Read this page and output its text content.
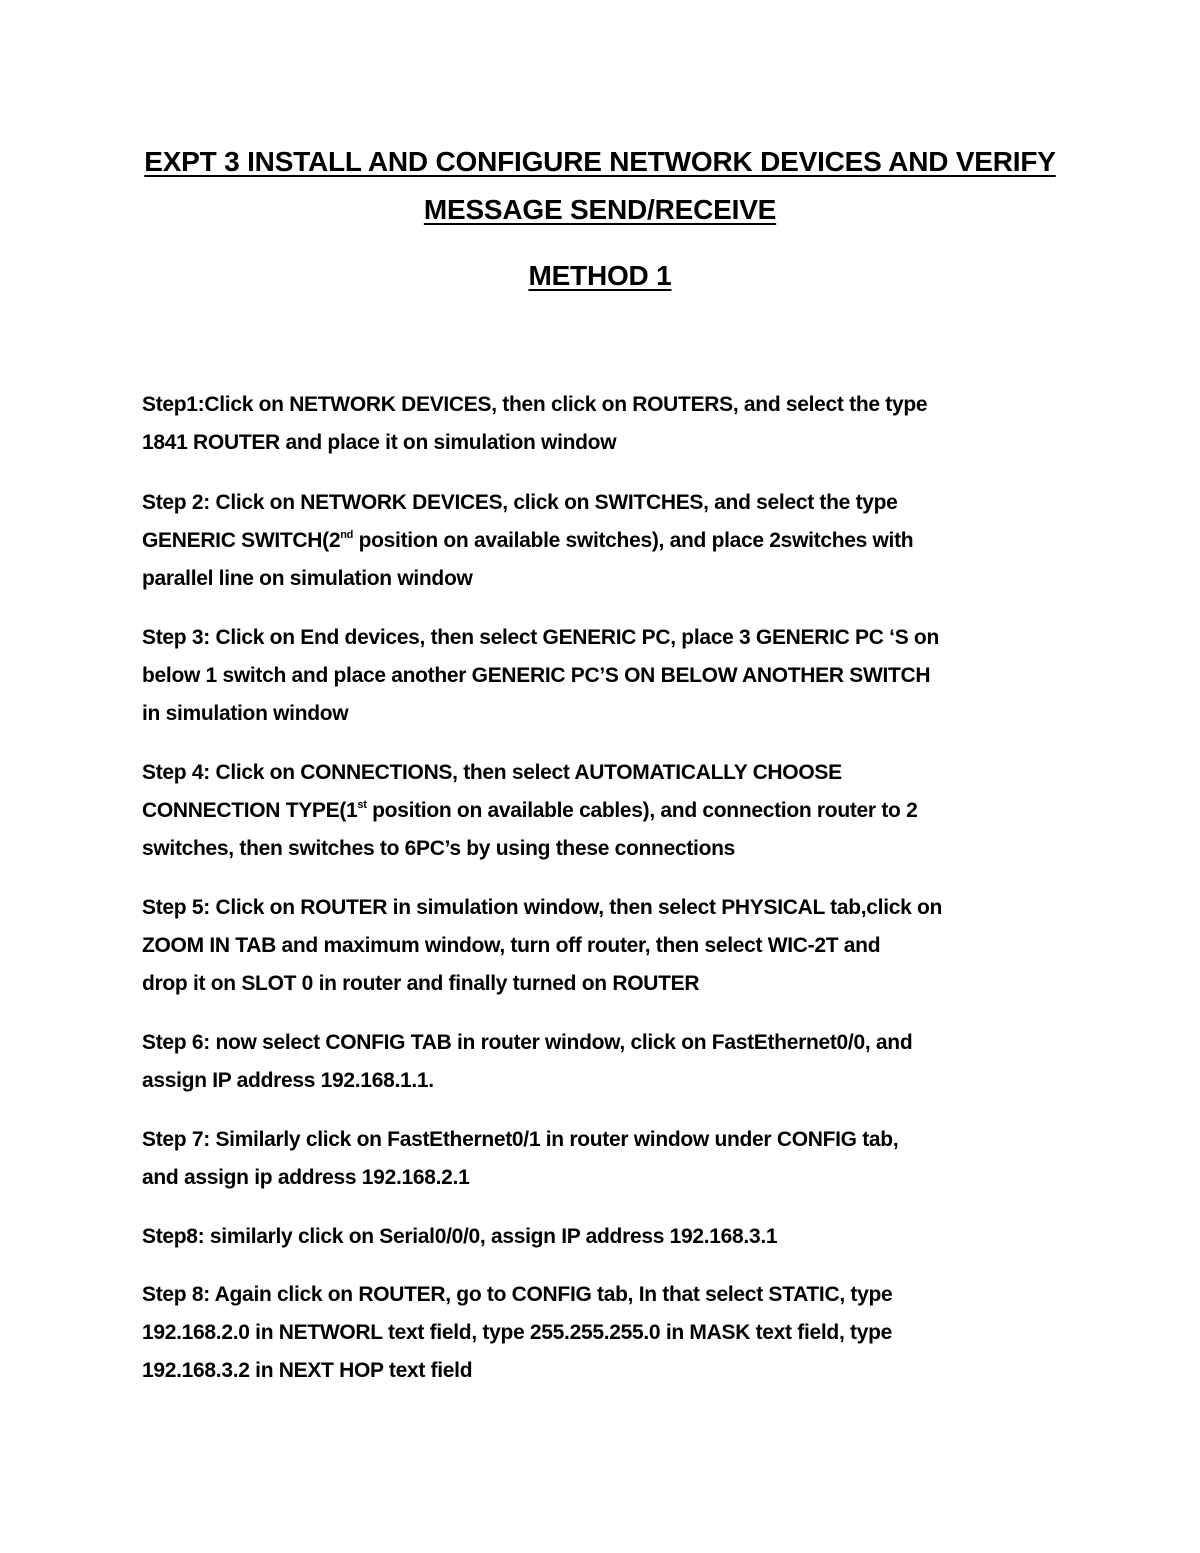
EXPT 3 INSTALL AND CONFIGURE NETWORK DEVICES AND VERIFY
MESSAGE SEND/RECEIVE
METHOD 1
Step1:Click on NETWORK DEVICES, then click on ROUTERS, and select the type
1841 ROUTER and place it on simulation window
Step 2: Click on NETWORK DEVICES, click on SWITCHES, and select the type
GENERIC SWITCH(2nd position on available switches), and place 2switches with
parallel line on simulation window
Step 3: Click on End devices, then select GENERIC PC, place 3 GENERIC PC ‘S on
below 1 switch and place another GENERIC PC’S ON BELOW ANOTHER SWITCH
in simulation window
Step 4: Click on CONNECTIONS, then select AUTOMATICALLY CHOOSE
CONNECTION TYPE(1st position on available cables), and connection router to 2
switches, then switches to 6PC’s by using these connections
Step 5: Click on ROUTER in simulation window, then select PHYSICAL tab,click on
ZOOM IN TAB and maximum window, turn off router, then select WIC-2T and
drop it on SLOT 0 in router and finally turned on ROUTER
Step 6: now select CONFIG TAB in router window, click on FastEthernet0/0, and
assign IP address 192.168.1.1.
Step 7: Similarly click on FastEthernet0/1 in router window under CONFIG tab,
and assign ip address 192.168.2.1
Step8: similarly click on Serial0/0/0, assign IP address 192.168.3.1
Step 8: Again click on ROUTER, go to CONFIG tab, In that select STATIC, type
192.168.2.0 in NETWORL text field, type 255.255.255.0 in MASK text field, type
192.168.3.2 in NEXT HOP text field
